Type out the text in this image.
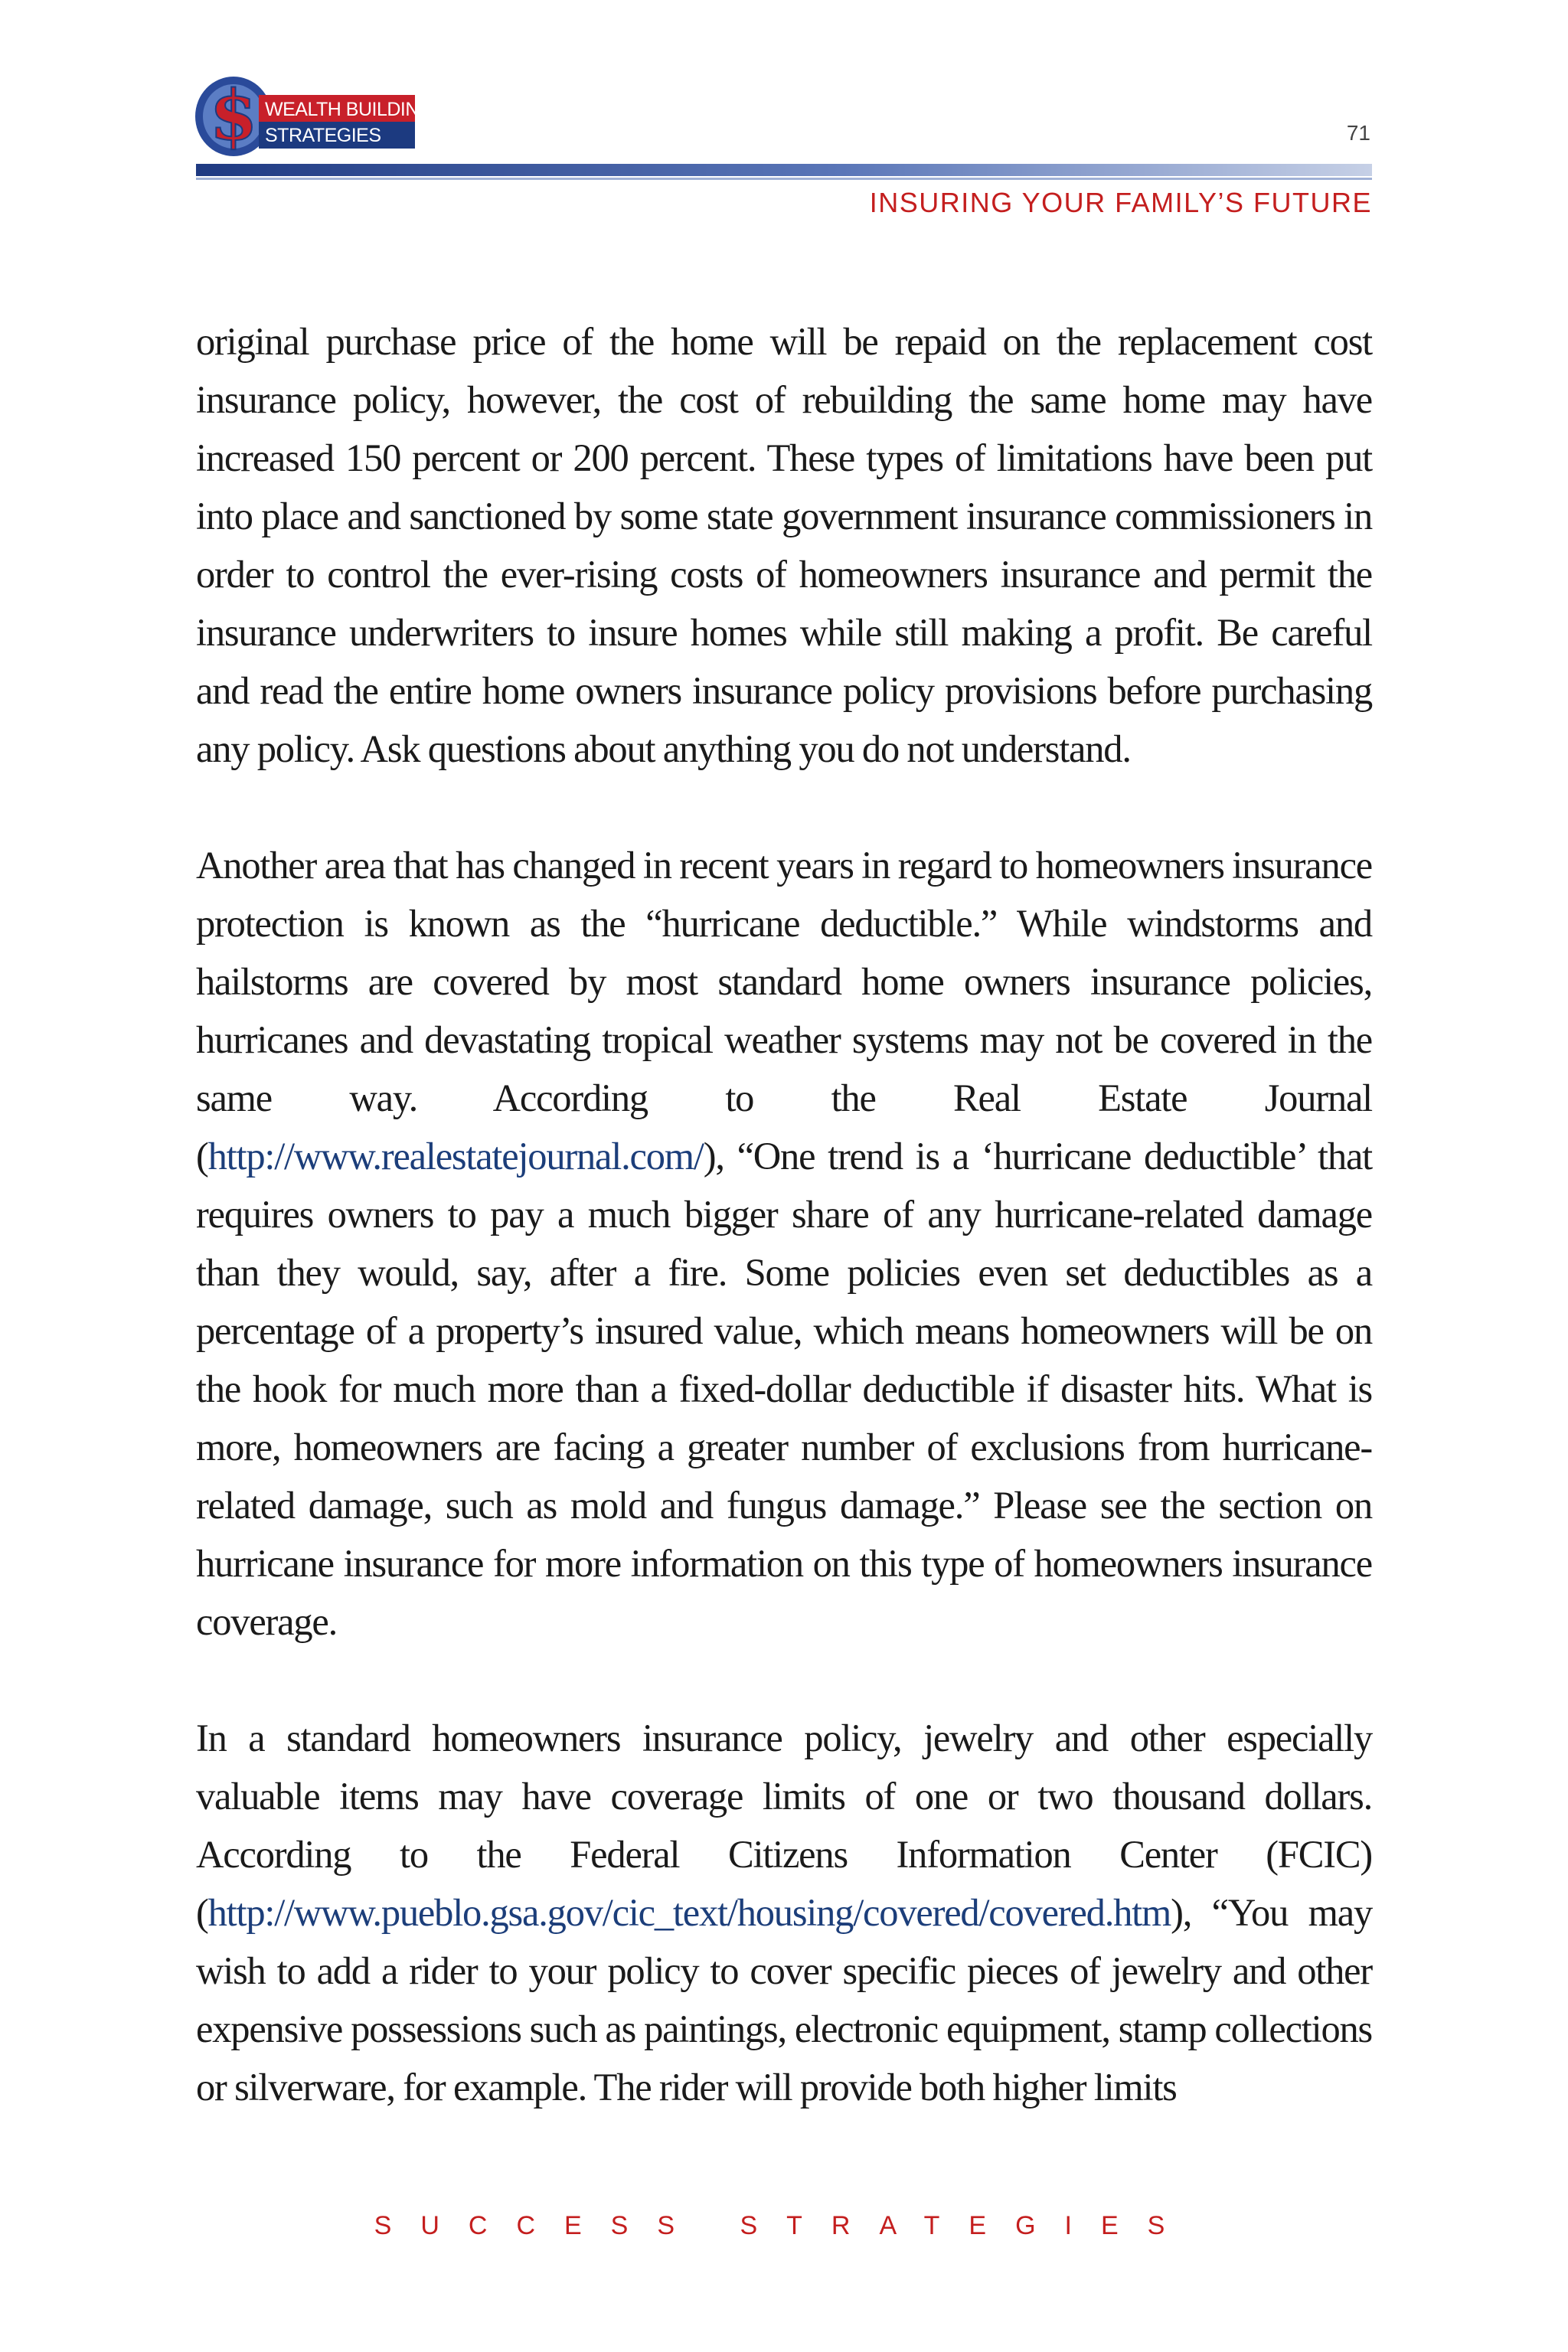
$ WEALTH BUILDING
STRATEGIES	71
INSURING YOUR FAMILY’S FUTURE

original purchase price of the home will be repaid on the replacement cost insurance policy, however, the cost of rebuilding the same home may have increased 150 percent or 200 percent. These types of limitations have been put into place and sanctioned by some state government insurance commissioners in order to control the ever-rising costs of homeowners insurance and permit the insurance underwriters to insure homes while still making a profit. Be careful and read the entire home owners insurance policy provisions before purchasing any policy. Ask questions about anything you do not understand.

Another area that has changed in recent years in regard to homeowners insurance protection is known as the “hurricane deductible.” While windstorms and hailstorms are covered by most standard home owners insurance policies, hurricanes and devastating tropical weather systems may not be covered in the same way. According to the Real Estate Journal (http://www.realestatejournal.com/), “One trend is a ‘hurricane deductible’ that requires owners to pay a much bigger share of any hurricane-related damage than they would, say, after a fire. Some policies even set deductibles as a percentage of a property’s insured value, which means homeowners will be on the hook for much more than a fixed-dollar deductible if disaster hits. What is more, homeowners are facing a greater number of exclusions from hurricane-related damage, such as mold and fungus damage.” Please see the section on hurricane insurance for more information on this type of homeowners insurance coverage.

In a standard homeowners insurance policy, jewelry and other especially valuable items may have coverage limits of one or two thousand dollars. According to the Federal Citizens Information Center (FCIC) (http://www.pueblo.gsa.gov/cic_text/housing/covered/covered.htm), “You may wish to add a rider to your policy to cover specific pieces of jewelry and other expensive possessions such as paintings, electronic equipment, stamp collections or silverware, for example. The rider will provide both higher limits

SUCCESS STRATEGIES
